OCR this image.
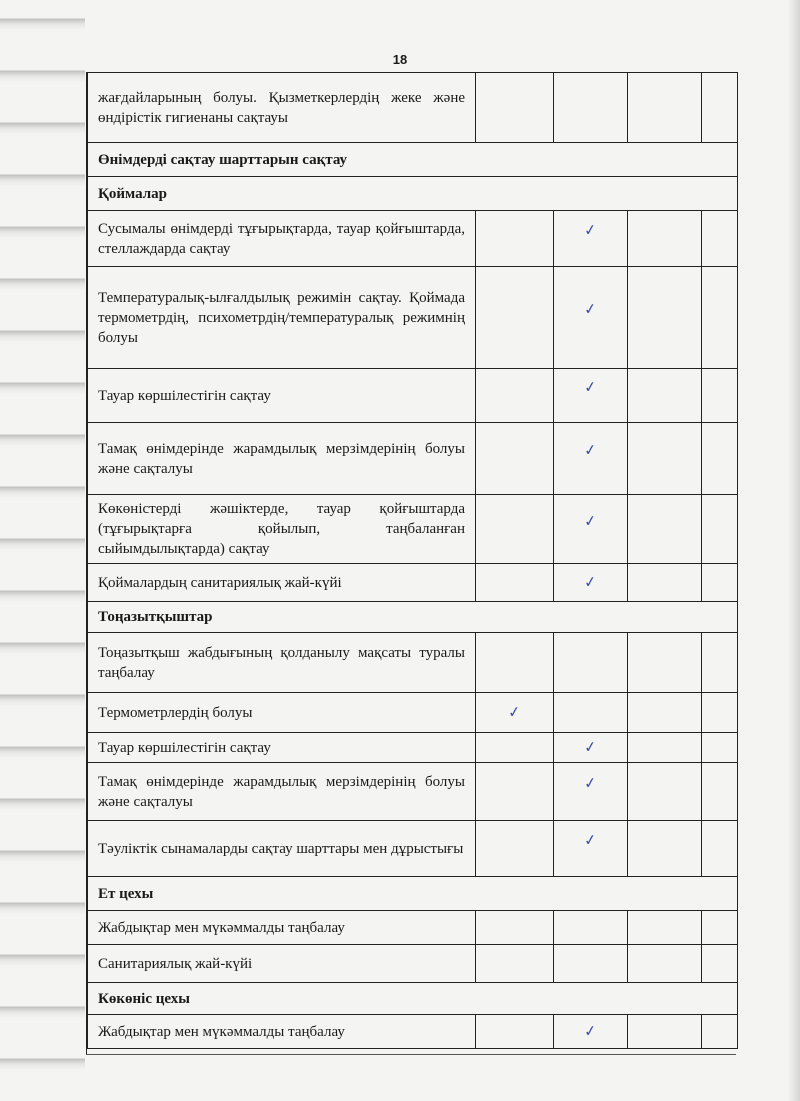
18
жағдайларының болуы. Қызметкерлердің жеке және өндірістік гигиенаны сақтауы				
Өнімдерді сақтау шарттарын сақтау				
Қоймалар				
Сусымалы өнімдерді тұғырықтарда, тауар қойғыштарда, стеллаждарда сақтау		✓		
Температуралық-ылғалдылық режимін сақтау. Қоймада термометрдің, психометрдің/температуралық режимнің болуы		✓		
Тауар көршілестігін сақтау		✓		
Тамақ өнімдерінде жарамдылық мерзімдерінің болуы және сақталуы		✓		
Көкөністерді жәшіктерде, тауар қойғыштарда (тұғырықтарға қойылып, таңбаланған сыйымдылықтарда) сақтау		✓		
Қоймалардың санитариялық жай-күйі		✓		
Тоңазытқыштар				
Тоңазытқыш жабдығының қолданылу мақсаты туралы таңбалау				
Термометрлердің болуы	✓			
Тауар көршілестігін сақтау		✓		
Тамақ өнімдерінде жарамдылық мерзімдерінің болуы және сақталуы		✓		
Тәуліктік сынамаларды сақтау шарттары мен дұрыстығы		✓		
Ет цехы				
Жабдықтар мен мүкәммалды таңбалау				
Санитариялық жай-күйі				
Көкөніс цехы				
Жабдықтар мен мүкәммалды таңбалау		✓		
